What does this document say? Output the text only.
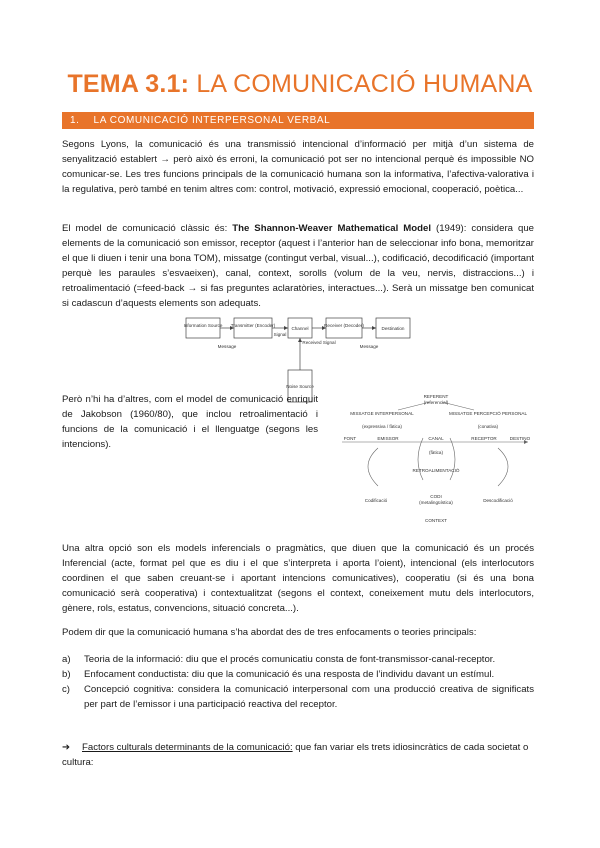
TEMA 3.1: LA COMUNICACIÓ HUMANA
1. LA COMUNICACIÓ INTERPERSONAL VERBAL

Segons Lyons, la comunicació és una transmissió intencional d’informació per mitjà d’un sistema de senyalització establert → però això és erroni, la comunicació pot ser no intencional perquè és impossible NO comunicar-se. Les tres funcions principals de la comunicació humana son la informativa, l’afectiva-valorativa i la regulativa, però també en tenim altres com: control, motivació, expressió emocional, cooperació, poètica...

El model de comunicació clàssic és: The Shannon-Weaver Mathematical Model (1949): considera que elements de la comunicació son emissor, receptor (aquest i l’anterior han de seleccionar info bona, memoritzar el que li diuen i tenir una bona TOM), missatge (contingut verbal, visual...), codificació, decodificació (important perquè les paraules s’esvaeixen), canal, context, sorolls (volum de la veu, nervis, distraccions...) i retroalimentació (=feed-back → si fas preguntes aclaratòries, interactues...). Serà un missatge ben comunicat si cadascun d’aquests elements son adequats.

Information Source Transmitter (Encoder)
Channel
Receiver (Decoder)
Destination
Noise Source
Signal
Received Signal
Message	Message

Però n’hi ha d’altres, com el model de comunicació enriquit de Jakobson (1960/80), que inclou retroalimentació i funcions de la comunicació i el llenguatge (segons les intencions).

REFERENT
(referencial)
MISSATGE INTERPERSONAL
(expressiva / fàtica)
MISSATGE PERCEPCIÓ PERSONAL
(conativa)
FONT	EMISSOR	CANAL	RECEPTOR	DESTINO
(fàtica)
RETROALIMENTACIÓ
Codificació
CODI
(metalingüística)	Descodificació
CONTEXT

Una altra opció son els models inferencials o pragmàtics, que diuen que la comunicació és un procés Inferencial (acte, format pel que es diu i el que s’interpreta i aporta l’oient), intencional (els interlocutors coordinen el que saben creuant-se i aportant intencions comunicatives), cooperatiu (si és una bona comunicació serà cooperativa) i contextualitzat (segons el context, coneixement mutu dels interlocutors, gènere, rols, estatus, convencions, situació concreta...).

Podem dir que la comunicació humana s’ha abordat des de tres enfocaments o teories principals:

a) Teoria de la informació: diu que el procés comunicatiu consta de font-transmissor-canal-receptor.
b) Enfocament conductista: diu que la comunicació és una resposta de l’individu davant un estímul.
c) Concepció cognitiva: considera la comunicació interpersonal com una producció creativa de significats per part de l’emissor i una participació reactiva del receptor.
➔ Factors culturals determinants de la comunicació: que fan variar els trets idiosincràtics de cada societat o cultura:
